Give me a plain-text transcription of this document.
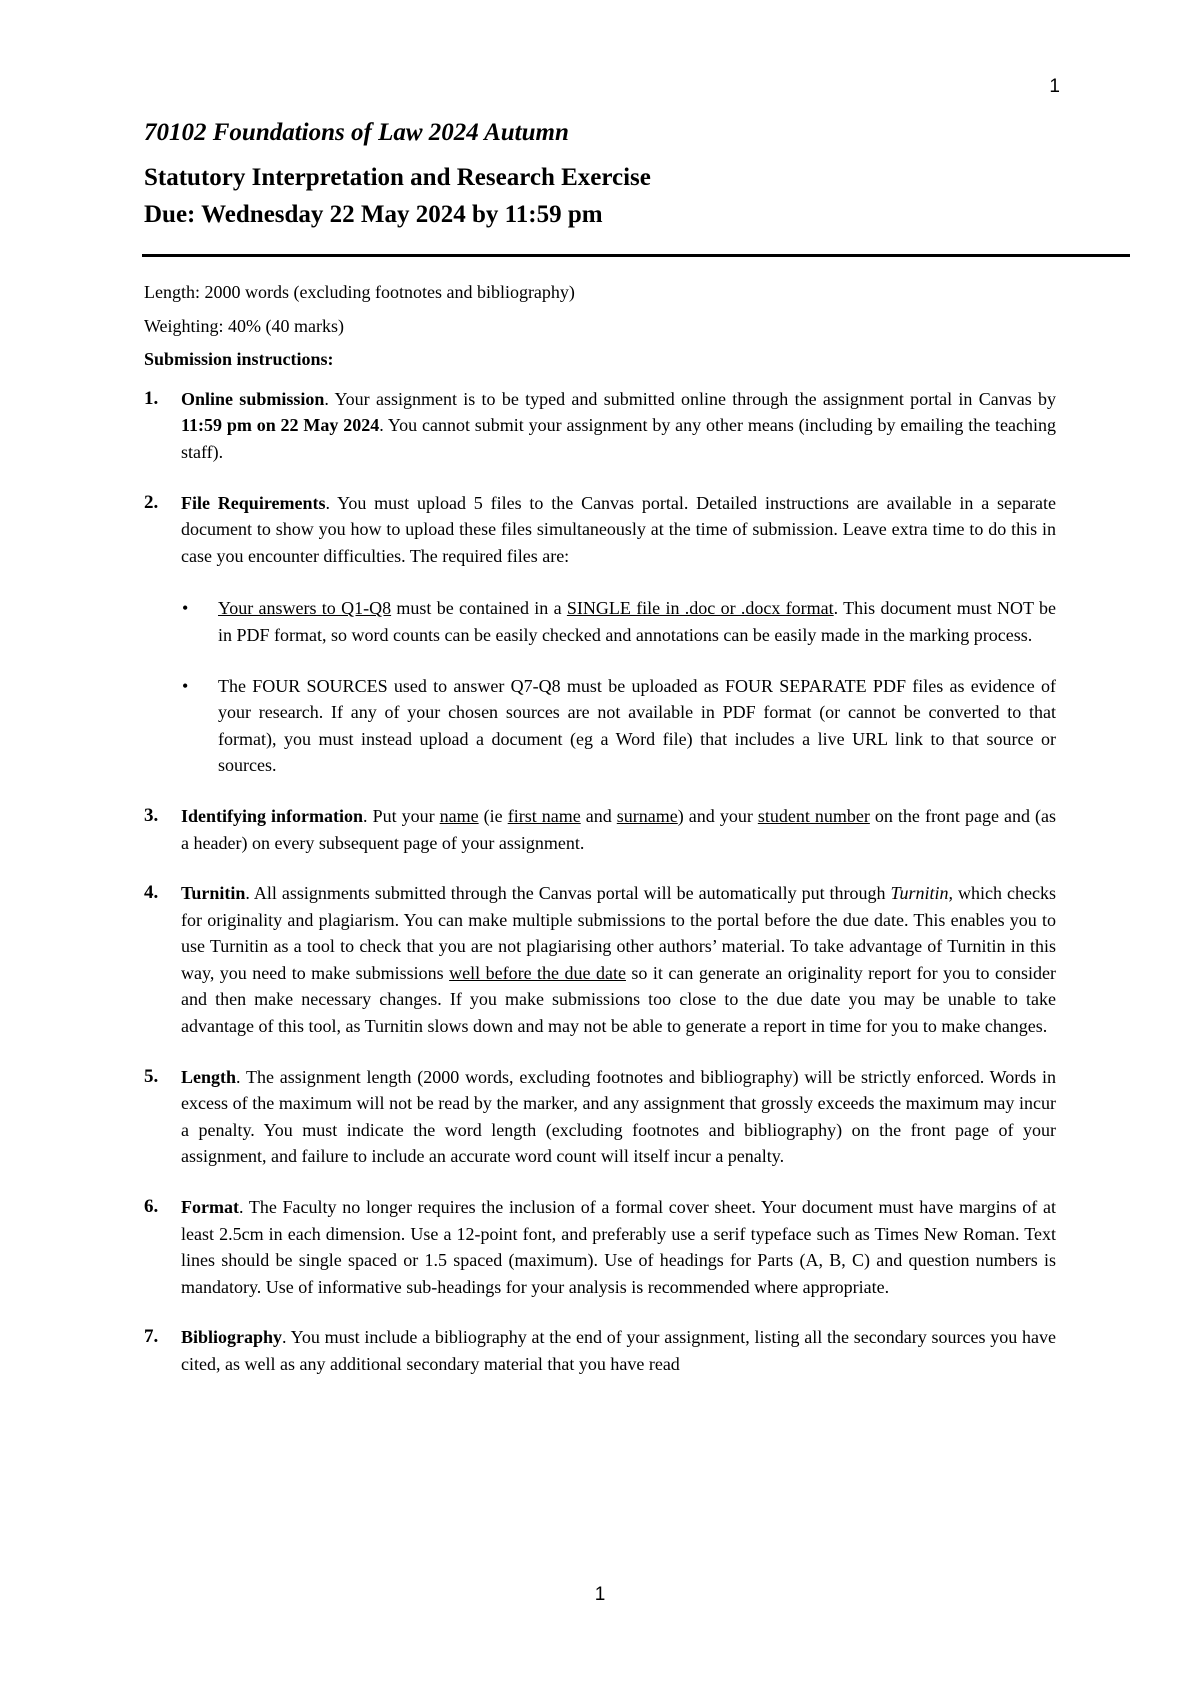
1

70102 Foundations of Law 2024 Autumn

Statutory Interpretation and Research Exercise

Due: Wednesday 22 May 2024 by 11:59 pm

Length: 2000 words (excluding footnotes and bibliography)

Weighting: 40% (40 marks)

Submission instructions:

1. Online submission. Your assignment is to be typed and submitted online through the assignment portal in Canvas by 11:59 pm on 22 May 2024. You cannot submit your assignment by any other means (including by emailing the teaching staff).
2. File Requirements. You must upload 5 files to the Canvas portal. Detailed instructions are available in a separate document to show you how to upload these files simultaneously at the time of submission. Leave extra time to do this in case you encounter difficulties. The required files are:
• Your answers to Q1-Q8 must be contained in a SINGLE file in .doc or .docx format. This document must NOT be in PDF format, so word counts can be easily checked and annotations can be easily made in the marking process.
• The FOUR SOURCES used to answer Q7-Q8 must be uploaded as FOUR SEPARATE PDF files as evidence of your research. If any of your chosen sources are not available in PDF format (or cannot be converted to that format), you must instead upload a document (eg a Word file) that includes a live URL link to that source or sources.
3. Identifying information. Put your name (ie first name and surname) and your student number on the front page and (as a header) on every subsequent page of your assignment.
4. Turnitin. All assignments submitted through the Canvas portal will be automatically put through Turnitin, which checks for originality and plagiarism. You can make multiple submissions to the portal before the due date. This enables you to use Turnitin as a tool to check that you are not plagiarising other authors’ material. To take advantage of Turnitin in this way, you need to make submissions well before the due date so it can generate an originality report for you to consider and then make necessary changes. If you make submissions too close to the due date you may be unable to take advantage of this tool, as Turnitin slows down and may not be able to generate a report in time for you to make changes.
5. Length. The assignment length (2000 words, excluding footnotes and bibliography) will be strictly enforced. Words in excess of the maximum will not be read by the marker, and any assignment that grossly exceeds the maximum may incur a penalty. You must indicate the word length (excluding footnotes and bibliography) on the front page of your assignment, and failure to include an accurate word count will itself incur a penalty.
6. Format. The Faculty no longer requires the inclusion of a formal cover sheet. Your document must have margins of at least 2.5cm in each dimension. Use a 12-point font, and preferably use a serif typeface such as Times New Roman. Text lines should be single spaced or 1.5 spaced (maximum). Use of headings for Parts (A, B, C) and question numbers is mandatory. Use of informative sub-headings for your analysis is recommended where appropriate.
7. Bibliography. You must include a bibliography at the end of your assignment, listing all the secondary sources you have cited, as well as any additional secondary material that you have read
1
